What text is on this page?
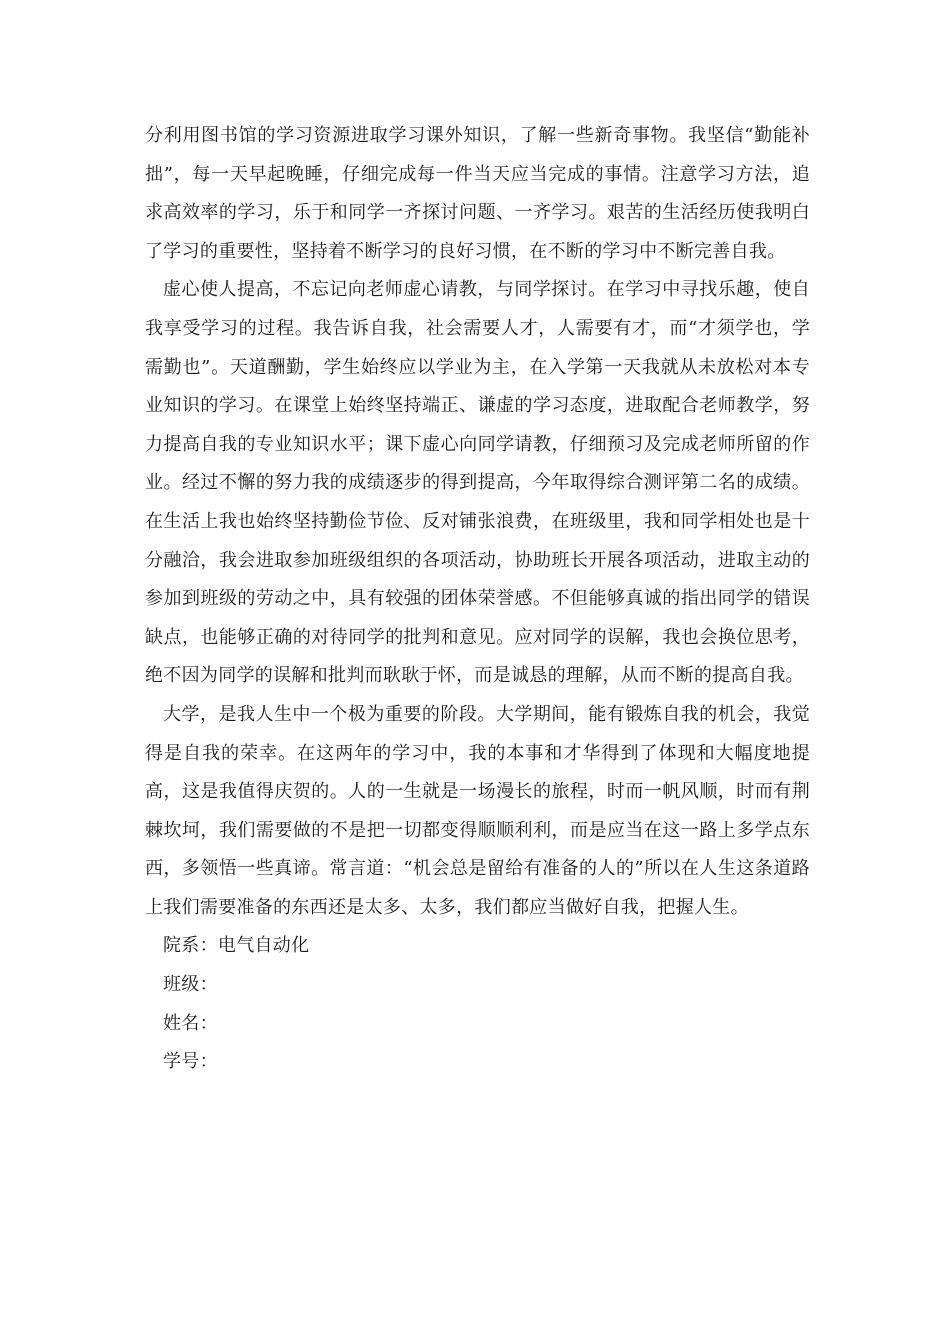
分利用图书馆的学习资源进取学习课外知识，了解一些新奇事物。我坚信“勤能补拙”，每一天早起晚睡，仔细完成每一件当天应当完成的事情。注意学习方法，追求高效率的学习，乐于和同学一齐探讨问题、一齐学习。艰苦的生活经历使我明白了学习的重要性，坚持着不断学习的良好习惯，在不断的学习中不断完善自我。

虚心使人提高，不忘记向老师虚心请教，与同学探讨。在学习中寻找乐趣，使自我享受学习的过程。我告诉自我，社会需要人才，人需要有才，而“才须学也，学需勤也”。天道酬勤，学生始终应以学业为主，在入学第一天我就从未放松对本专业知识的学习。在课堂上始终坚持端正、谦虚的学习态度，进取配合老师教学，努力提高自我的专业知识水平；课下虚心向同学请教，仔细预习及完成老师所留的作业。经过不懈的努力我的成绩逐步的得到提高，今年取得综合测评第二名的成绩。在生活上我也始终坚持勤俭节俭、反对铺张浪费，在班级里，我和同学相处也是十分融洽，我会进取参加班级组织的各项活动，协助班长开展各项活动，进取主动的参加到班级的劳动之中，具有较强的团体荣誉感。不但能够真诚的指出同学的错误缺点，也能够正确的对待同学的批判和意见。应对同学的误解，我也会换位思考，绝不因为同学的误解和批判而耿耿于怀，而是诚恳的理解，从而不断的提高自我。

大学，是我人生中一个极为重要的阶段。大学期间，能有锻炼自我的机会，我觉得是自我的荣幸。在这两年的学习中，我的本事和才华得到了体现和大幅度地提高，这是我值得庆贺的。人的一生就是一场漫长的旅程，时而一帆风顺，时而有荆棘坎坷，我们需要做的不是把一切都变得顺顺利利，而是应当在这一路上多学点东西，多领悟一些真谛。常言道：“机会总是留给有准备的人的”所以在人生这条道路上我们需要准备的东西还是太多、太多，我们都应当做好自我，把握人生。

院系：电气自动化
班级：
姓名：
学号：
